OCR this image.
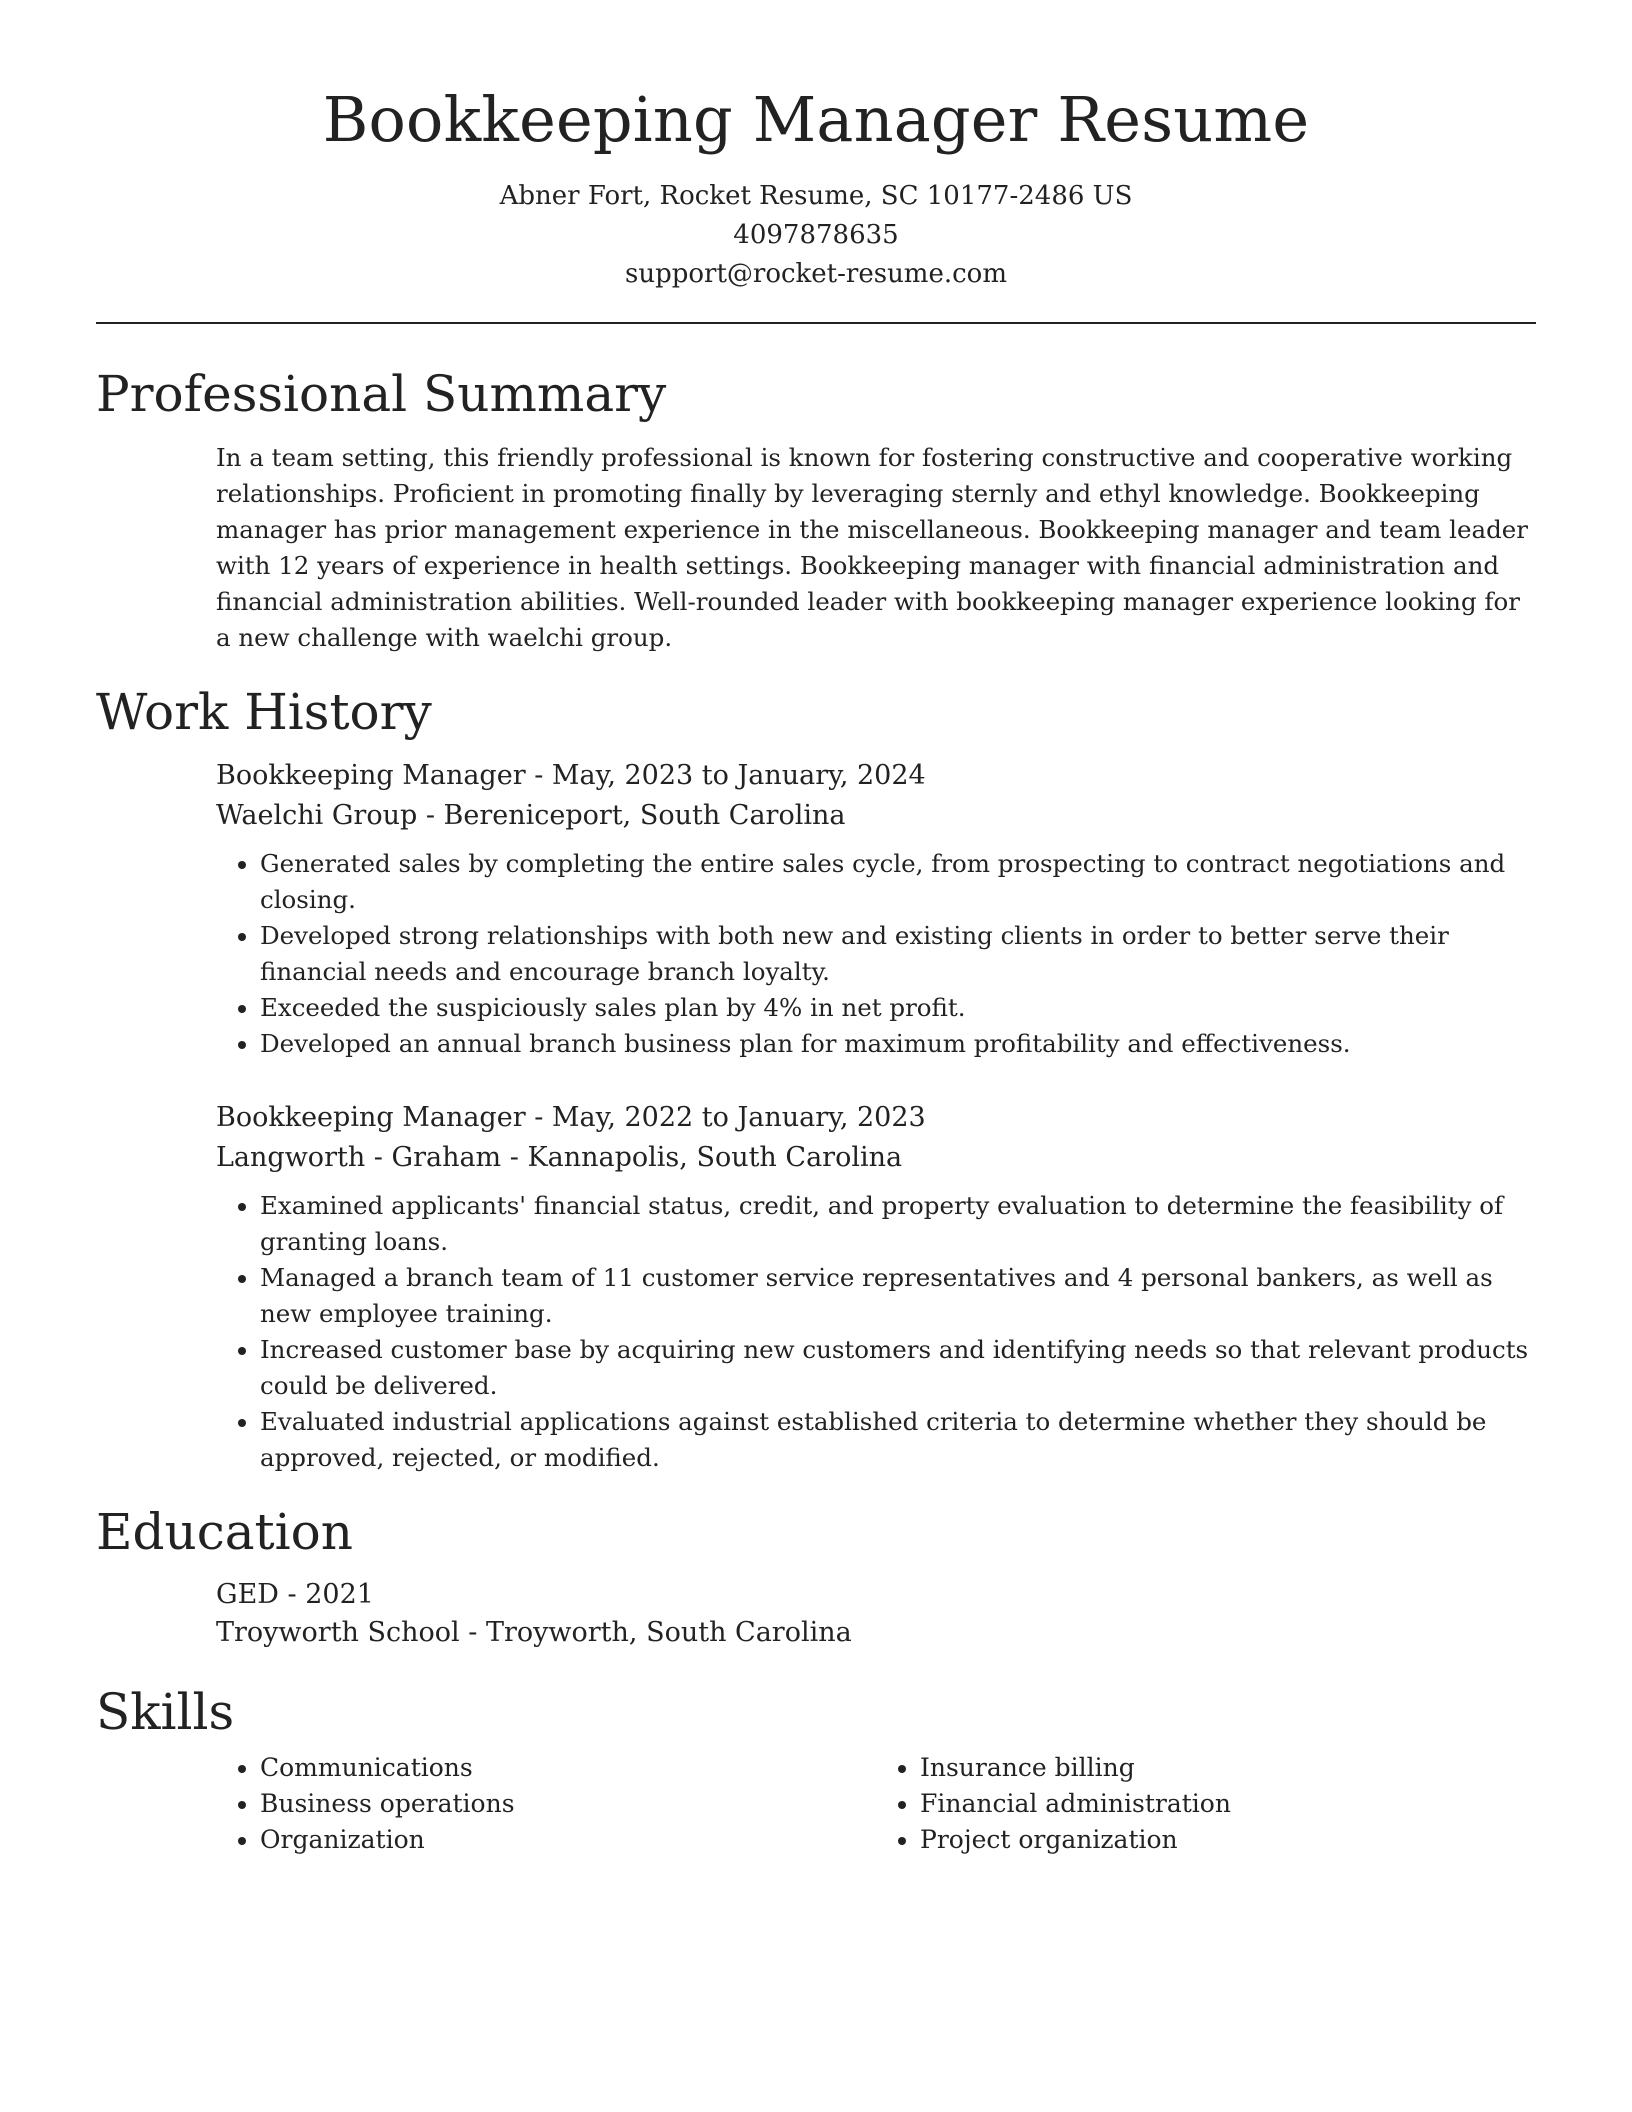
Bookkeeping Manager Resume
Abner Fort, Rocket Resume, SC 10177-2486 US
4097878635
support@rocket-resume.com
Professional Summary

In a team setting, this friendly professional is known for fostering constructive and cooperative working relationships. Proficient in promoting finally by leveraging sternly and ethyl knowledge. Bookkeeping manager has prior management experience in the miscellaneous. Bookkeeping manager and team leader with 12 years of experience in health settings. Bookkeeping manager with financial administration and financial administration abilities. Well-rounded leader with bookkeeping manager experience looking for a new challenge with waelchi group.

Work History
Bookkeeping Manager - May, 2023 to January, 2024
Waelchi Group - Bereniceport, South Carolina
• Generated sales by completing the entire sales cycle, from prospecting to contract negotiations and closing.
• Developed strong relationships with both new and existing clients in order to better serve their financial needs and encourage branch loyalty.
• Exceeded the suspiciously sales plan by 4% in net profit.
• Developed an annual branch business plan for maximum profitability and effectiveness.
Bookkeeping Manager - May, 2022 to January, 2023
Langworth - Graham - Kannapolis, South Carolina
• Examined applicants' financial status, credit, and property evaluation to determine the feasibility of granting loans.
• Managed a branch team of 11 customer service representatives and 4 personal bankers, as well as new employee training.
• Increased customer base by acquiring new customers and identifying needs so that relevant products could be delivered.
• Evaluated industrial applications against established criteria to determine whether they should be approved, rejected, or modified.
Education
GED - 2021
Troyworth School - Troyworth, South Carolina
Skills
• Communications
• Business operations
• Organization
• Insurance billing
• Financial administration
• Project organization
